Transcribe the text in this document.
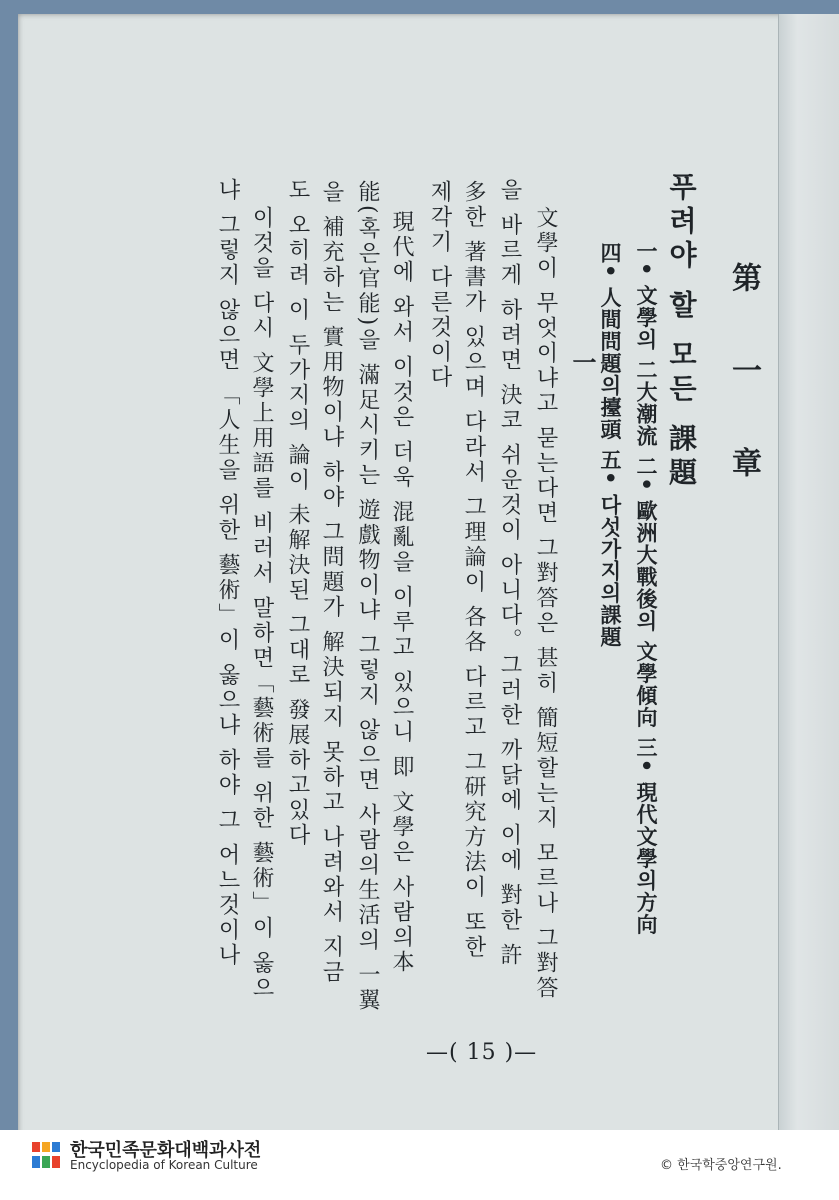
第 一 章
푸려야 할 모든 課題
一• 文學의 二大潮流 二• 歐洲大戰後의 文學傾向 三• 現代文學의方向
四• 人間問題의擡頭 五• 다섯가지의課題
一
文學이 무엇이냐고 묻는다면 그對答은 甚히 簡短할는지 모르나 그對答
을 바르게 하려면 決코 쉬운것이 아니다。그러한 까닭에 이에 對한 許
多한 著書가 있으며 다라서 그理論이 各各 다르고 그研究方法이 또한
제각기 다른것이다
現代에 와서 이것은 더욱 混亂을 이루고 있으니 即 文學은 사람의本
能(혹은官能)을 滿足시키는 遊戲物이냐 그렇지 않으면 사람의生活의 一翼
을 補充하는 實用物이냐 하야 그問題가 解決되지 못하고 나려와서 지금
도 오히려 이 두가지의 論이 未解決된 그대로 發展하고있다
이것을 다시 文學上用語를 비러서 말하면「藝術를 위한 藝術」이 옳으
냐 그렇지 않으면 「人生을 위한 藝術」이 옳으냐 하야 그 어느것이나
—( 15 )—
한국민족문화대백과사전
Encyclopedia of Korean Culture	© 한국학중앙연구원.
